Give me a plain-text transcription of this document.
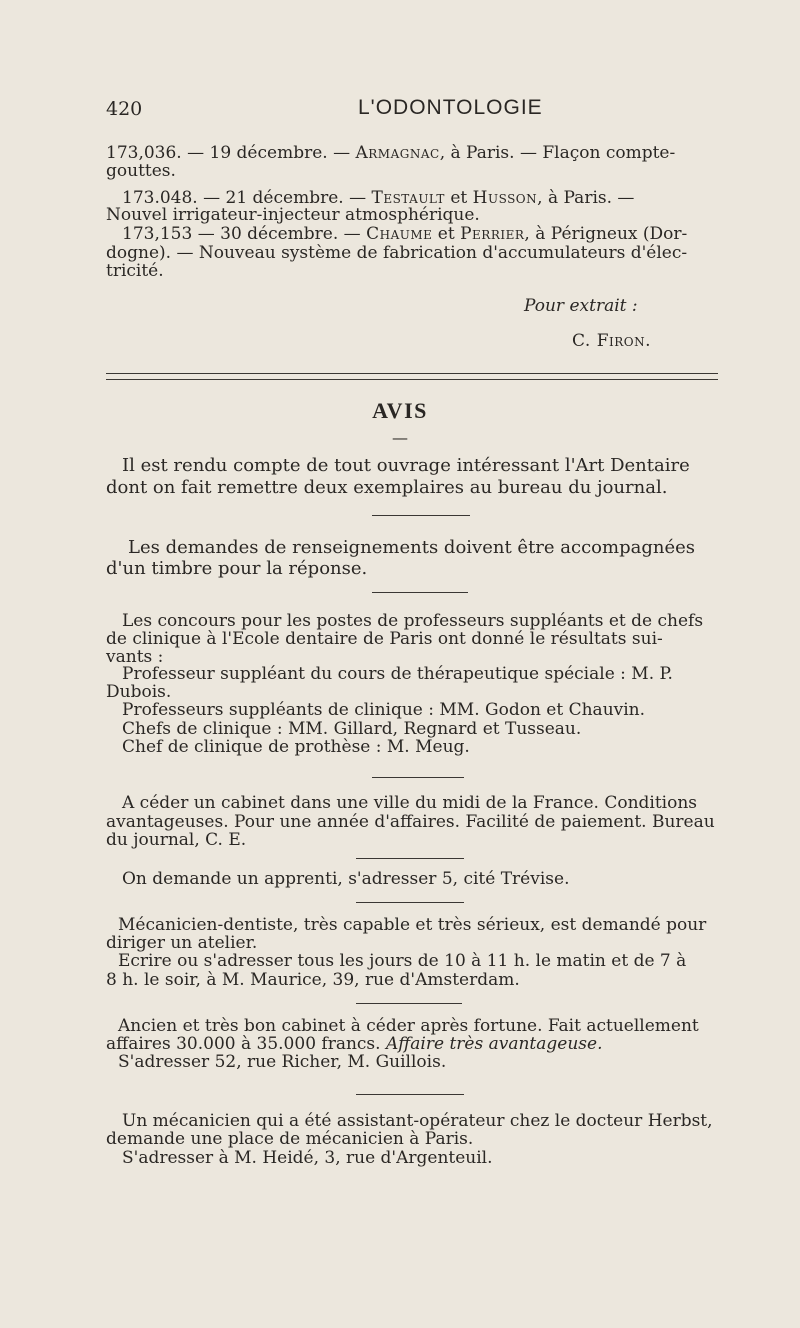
420	L'ODONTOLOGIE
173,036. — 19 décembre. — Armagnac, à Paris. — Flaçon compte-
gouttes.
173.048. — 21 décembre. — Testault et Husson, à Paris. —
Nouvel irrigateur-injecteur atmosphérique.
173,153 — 30 décembre. — Chaume et Perrier, à Périgneux (Dor-
dogne). — Nouveau système de fabrication d'accumulateurs d'élec-
tricité.
Pour extrait :
C. Firon.
AVIS
—
Il est rendu compte de tout ouvrage intéressant l'Art Dentaire
dont on fait remettre deux exemplaires au bureau du journal.
Les demandes de renseignements doivent être accompagnées
d'un timbre pour la réponse.
Les concours pour les postes de professeurs suppléants et de chefs
de clinique à l'Ecole dentaire de Paris ont donné le résultats sui-
vants :
Professeur suppléant du cours de thérapeutique spéciale : M. P.
Dubois.
Professeurs suppléants de clinique : MM. Godon et Chauvin.
Chefs de clinique : MM. Gillard, Regnard et Tusseau.
Chef de clinique de prothèse : M. Meug.
A céder un cabinet dans une ville du midi de la France. Conditions
avantageuses. Pour une année d'affaires. Facilité de paiement. Bureau
du journal, C. E.
On demande un apprenti, s'adresser 5, cité Trévise.
Mécanicien-dentiste, très capable et très sérieux, est demandé pour
diriger un atelier.
Ecrire ou s'adresser tous les jours de 10 à 11 h. le matin et de 7 à
8 h. le soir, à M. Maurice, 39, rue d'Amsterdam.
Ancien et très bon cabinet à céder après fortune. Fait actuellement
affaires 30.000 à 35.000 francs. Affaire très avantageuse.
S'adresser 52, rue Richer, M. Guillois.
Un mécanicien qui a été assistant-opérateur chez le docteur Herbst,
demande une place de mécanicien à Paris.
S'adresser à M. Heidé, 3, rue d'Argenteuil.
